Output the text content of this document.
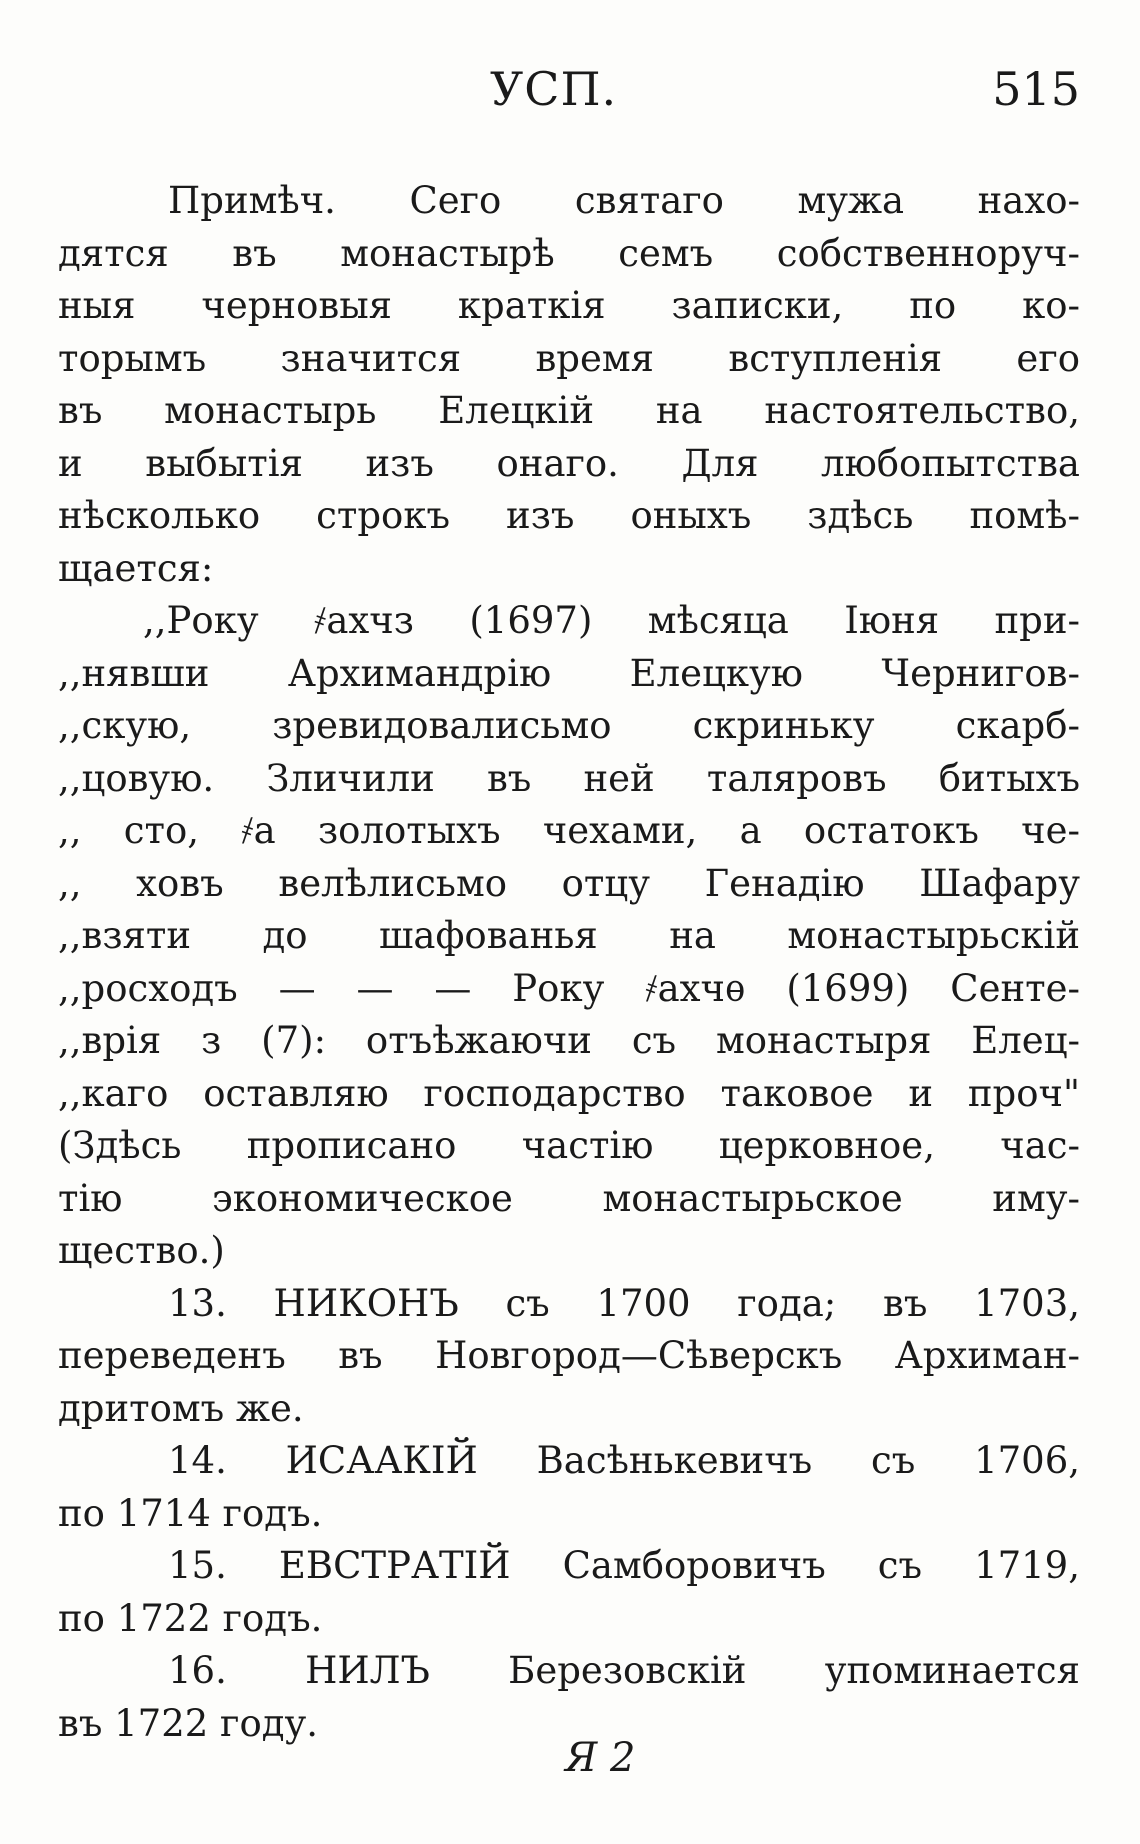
УСП.	515
Примѣч. Сего святаго мужа нахо-
дятся въ монастырѣ семъ собственноруч-
ныя черновыя краткія записки, по ко-
торымъ значится время вступленія его
въ монастырь Елецкій на настоятельство,
и выбытія изъ онаго. Для любопытства
нѣсколько строкъ изъ оныхъ здѣсь помѣ-
щается:
,,Року ҂ахчз (1697) мѣсяца Іюня при-
,,нявши Архимандрію Елецкую Чернигов-
,,скую, зревидовалисьмо скриньку скарб-
,,цовую. Зличили въ ней таляровъ битыхъ
,, сто, ҂а золотыхъ чехами, а остатокъ че-
,, ховъ велѣлисьмо отцу Генадію Шафару
,,взяти до шафованья на монастырьскій
,,росходъ — — — Року ҂ахчѳ (1699) Сенте-
,,врія з (7): отъѣжаючи съ монастыря Елец-
,,каго оставляю господарство таковое и проч"
(Здѣсь прописано частію церковное, час-
тію экономическое монастырьское иму-
щество.)
13. НИКОНЪ съ 1700 года; въ 1703,
переведенъ въ Новгород—Сѣверскъ Архиман-
дритомъ же.
14. ИСААКІЙ Васѣнькевичъ съ 1706,
по 1714 годъ.
15. ЕВСТРАТІЙ Самборовичъ съ 1719,
по 1722 годъ.
16. НИЛЪ Березовскій упоминается
въ 1722 году.
Я 2
